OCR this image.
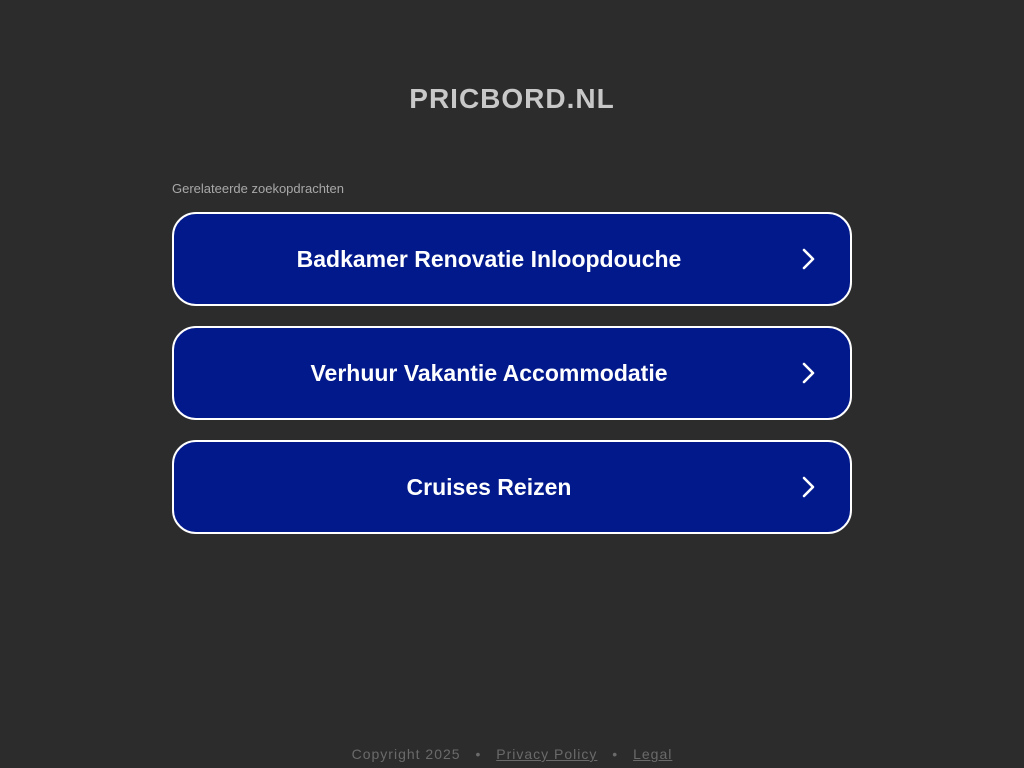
PRICBORD.NL
Gerelateerde zoekopdrachten
Badkamer Renovatie Inloopdouche
Verhuur Vakantie Accommodatie
Cruises Reizen
Copyright 2025 • Privacy Policy • Legal
